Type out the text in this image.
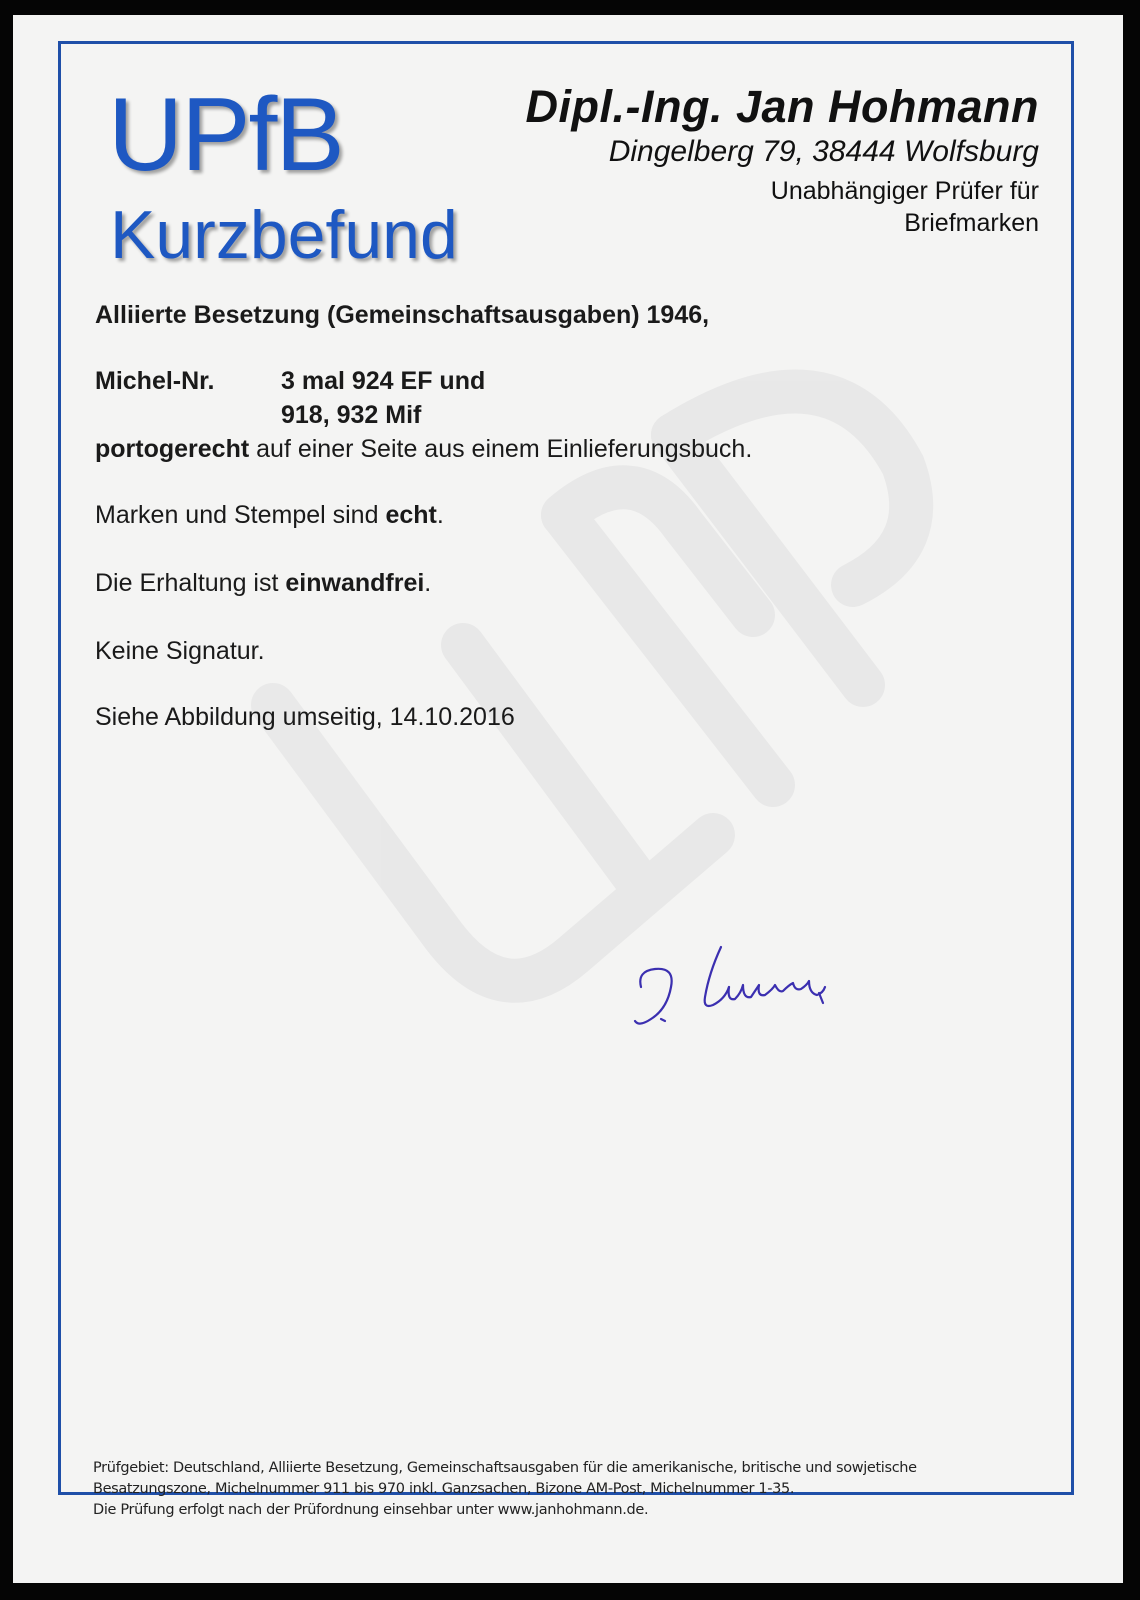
UPfB
Kurzbefund
Dipl.-Ing. Jan Hohmann
Dingelberg 79, 38444 Wolfsburg
Unabhängiger Prüfer für
Briefmarken
Alliierte Besetzung (Gemeinschaftsausgaben) 1946,
Michel-Nr.	3 mal 924 EF und
918, 932 Mif
portogerecht auf einer Seite aus einem Einlieferungsbuch.
Marken und Stempel sind echt.
Die Erhaltung ist einwandfrei.
Keine Signatur.
Siehe Abbildung umseitig, 14.10.2016
Prüfgebiet: Deutschland, Alliierte Besetzung, Gemeinschaftsausgaben für die amerikanische, britische und sowjetische
Besatzungszone, Michelnummer 911 bis 970 inkl. Ganzsachen, Bizone AM-Post, Michelnummer 1-35.
Die Prüfung erfolgt nach der Prüfordnung einsehbar unter www.janhohmann.de.
